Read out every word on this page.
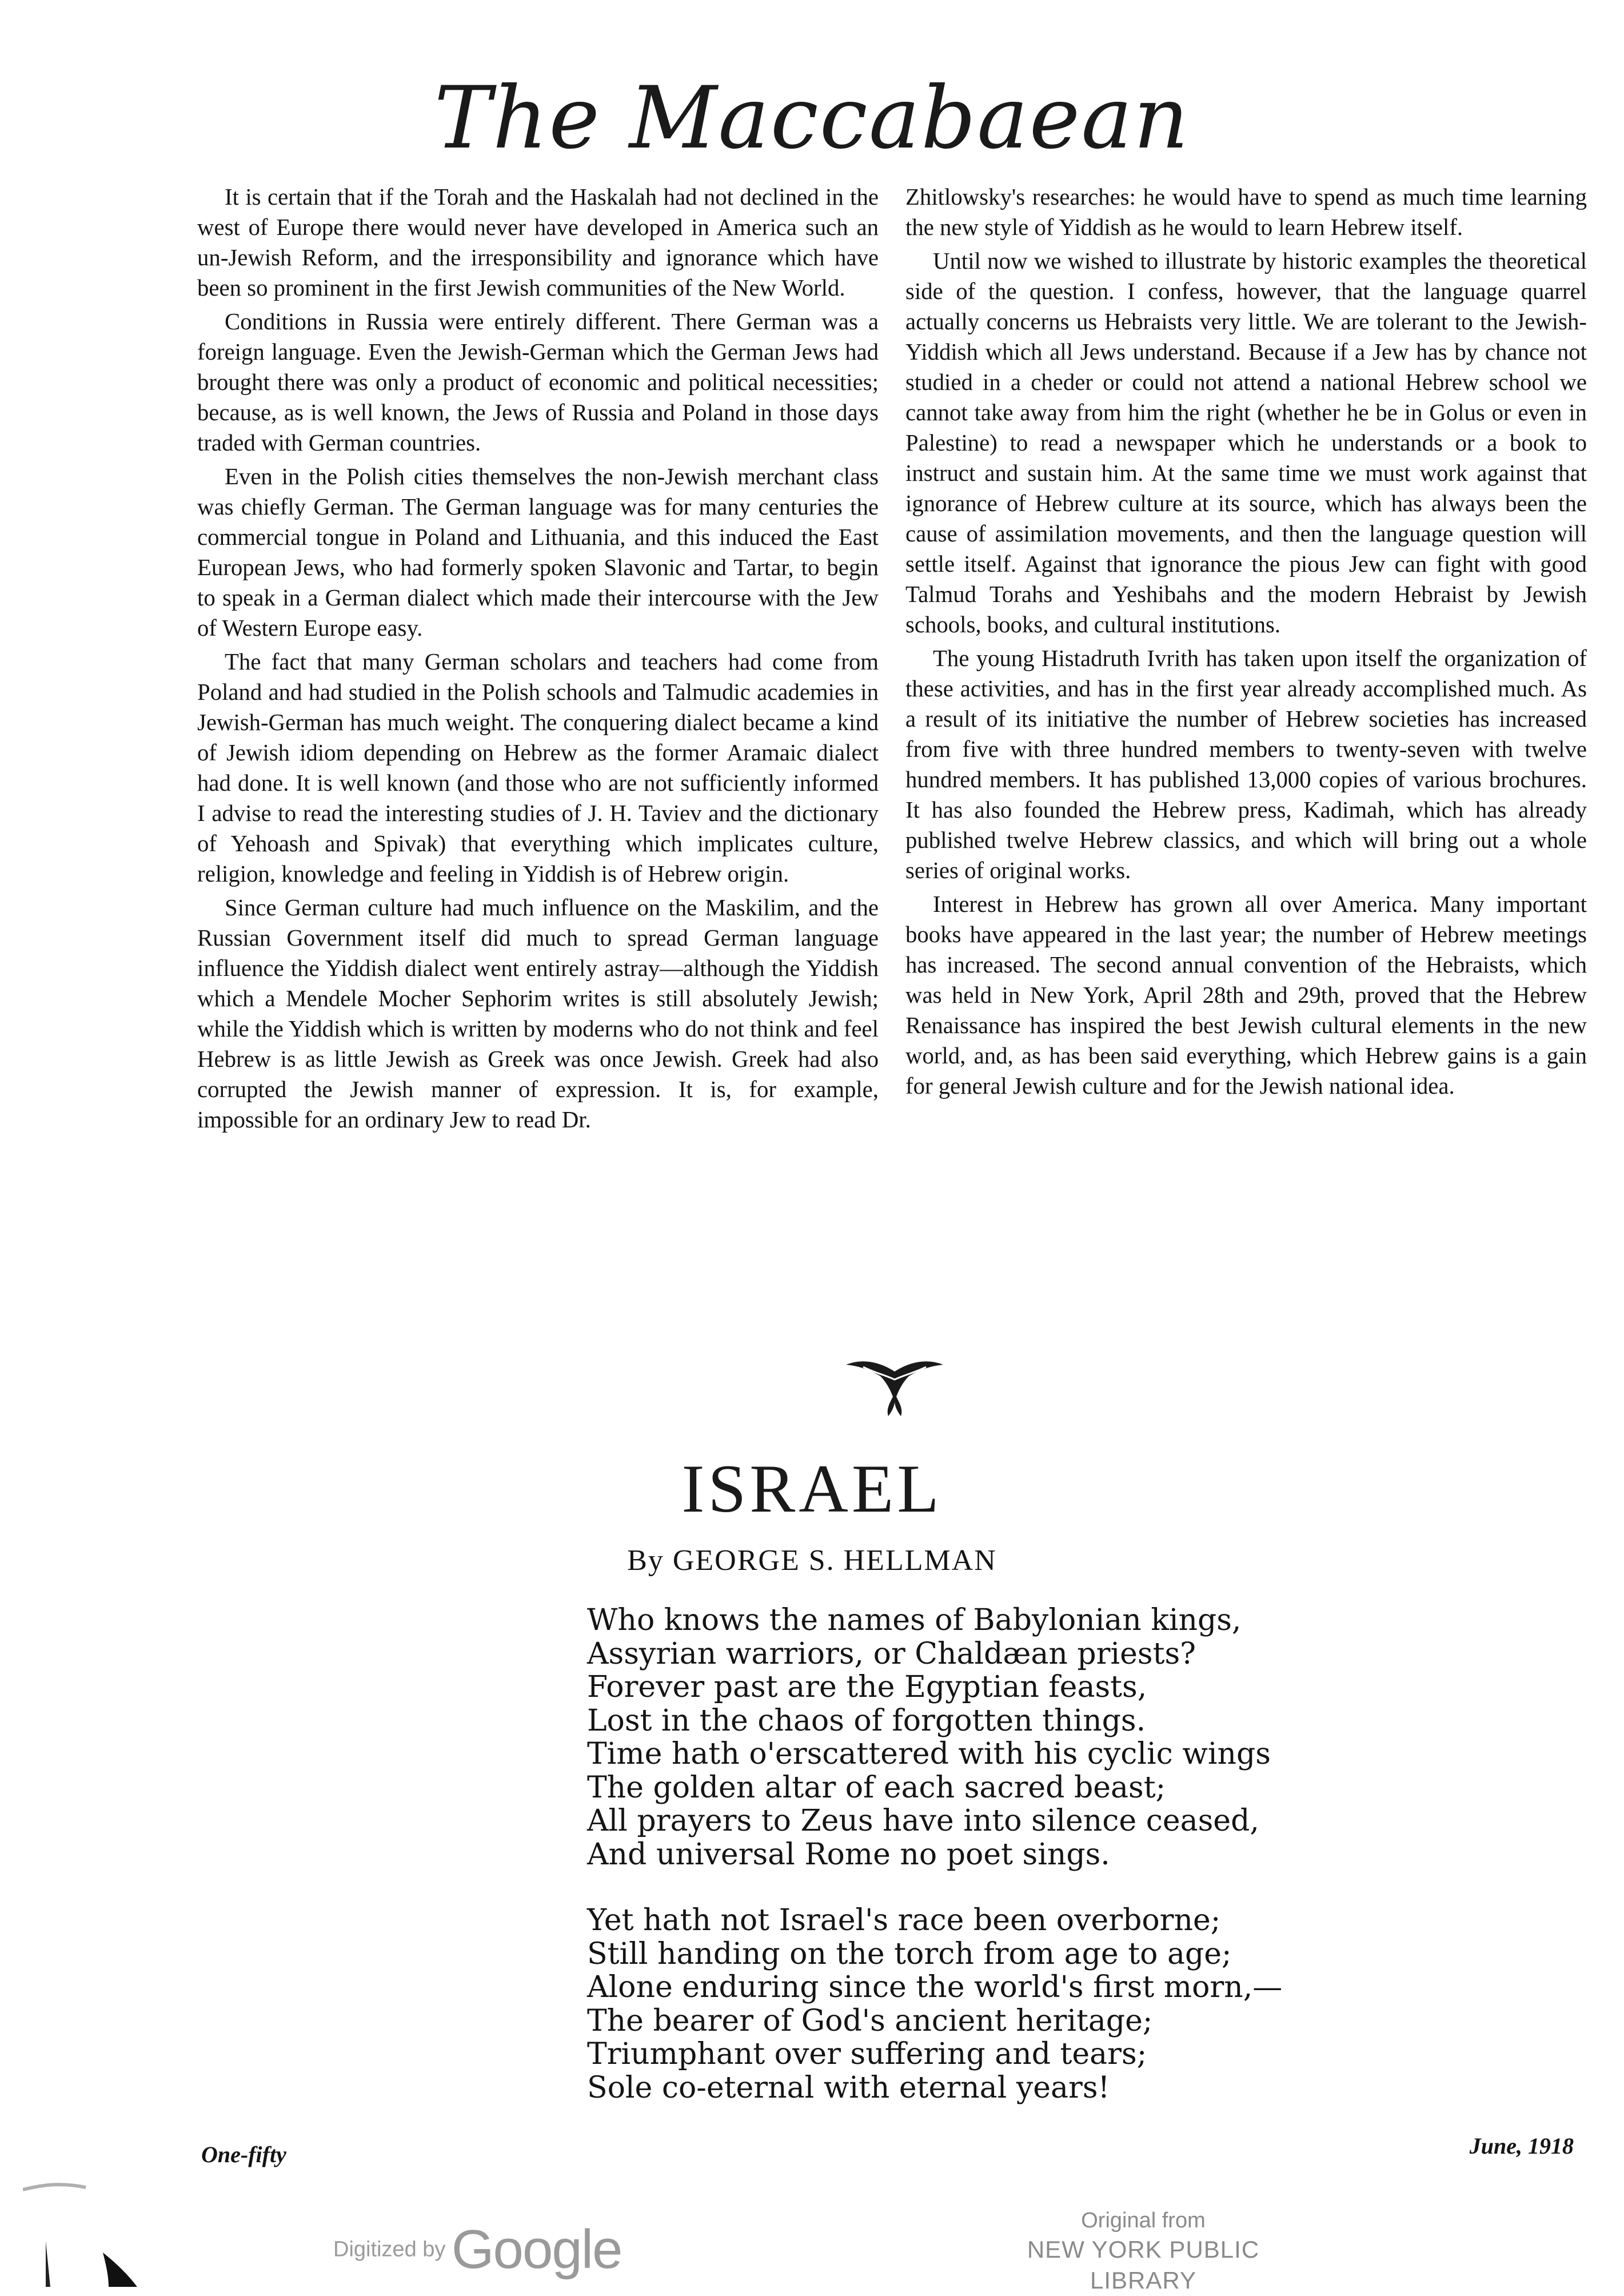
The Maccabaean

It is certain that if the Torah and the Haskalah had not declined in the west of Europe there would never have developed in America such an un-Jewish Reform, and the irresponsibility and ignorance which have been so prominent in the first Jewish communities of the New World.

Conditions in Russia were entirely different. There German was a foreign language. Even the Jewish-German which the German Jews had brought there was only a product of economic and political necessities; because, as is well known, the Jews of Russia and Poland in those days traded with German countries.

Even in the Polish cities themselves the non-Jewish merchant class was chiefly German. The German language was for many centuries the commercial tongue in Poland and Lithuania, and this induced the East European Jews, who had formerly spoken Slavonic and Tartar, to begin to speak in a German dialect which made their intercourse with the Jew of Western Europe easy.

The fact that many German scholars and teachers had come from Poland and had studied in the Polish schools and Talmudic academies in Jewish-German has much weight. The conquering dialect became a kind of Jewish idiom depending on Hebrew as the former Aramaic dialect had done. It is well known (and those who are not sufficiently informed I advise to read the interesting studies of J. H. Taviev and the dictionary of Yehoash and Spivak) that everything which implicates culture, religion, knowledge and feeling in Yiddish is of Hebrew origin.

Since German culture had much influence on the Maskilim, and the Russian Government itself did much to spread German language influence the Yiddish dialect went entirely astray—although the Yiddish which a Mendele Mocher Sephorim writes is still absolutely Jewish; while the Yiddish which is written by moderns who do not think and feel Hebrew is as little Jewish as Greek was once Jewish. Greek had also corrupted the Jewish manner of expression. It is, for example, impossible for an ordinary Jew to read Dr.

Zhitlowsky's researches: he would have to spend as much time learning the new style of Yiddish as he would to learn Hebrew itself.

Until now we wished to illustrate by historic examples the theoretical side of the question. I confess, however, that the language quarrel actually concerns us Hebraists very little. We are tolerant to the Jewish-Yiddish which all Jews understand. Because if a Jew has by chance not studied in a cheder or could not attend a national Hebrew school we cannot take away from him the right (whether he be in Golus or even in Palestine) to read a newspaper which he understands or a book to instruct and sustain him. At the same time we must work against that ignorance of Hebrew culture at its source, which has always been the cause of assimilation movements, and then the language question will settle itself. Against that ignorance the pious Jew can fight with good Talmud Torahs and Yeshibahs and the modern Hebraist by Jewish schools, books, and cultural institutions.

The young Histadruth Ivrith has taken upon itself the organization of these activities, and has in the first year already accomplished much. As a result of its initiative the number of Hebrew societies has increased from five with three hundred members to twenty-seven with twelve hundred members. It has published 13,000 copies of various brochures. It has also founded the Hebrew press, Kadimah, which has already published twelve Hebrew classics, and which will bring out a whole series of original works.

Interest in Hebrew has grown all over America. Many important books have appeared in the last year; the number of Hebrew meetings has increased. The second annual convention of the Hebraists, which was held in New York, April 28th and 29th, proved that the Hebrew Renaissance has inspired the best Jewish cultural elements in the new world, and, as has been said everything, which Hebrew gains is a gain for general Jewish culture and for the Jewish national idea.

ISRAEL
By GEORGE S. HELLMAN
Who knows the names of Babylonian kings,
Assyrian warriors, or Chaldæan priests?
Forever past are the Egyptian feasts,
Lost in the chaos of forgotten things.
Time hath o'erscattered with his cyclic wings
The golden altar of each sacred beast;
All prayers to Zeus have into silence ceased,
And universal Rome no poet sings.
Yet hath not Israel's race been overborne;
Still handing on the torch from age to age;
Alone enduring since the world's first morn,—
The bearer of God's ancient heritage;
Triumphant over suffering and tears;
Sole co-eternal with eternal years!
One-fifty	June, 1918
Digitized by Google	Original from
NEW YORK PUBLIC LIBRARY
